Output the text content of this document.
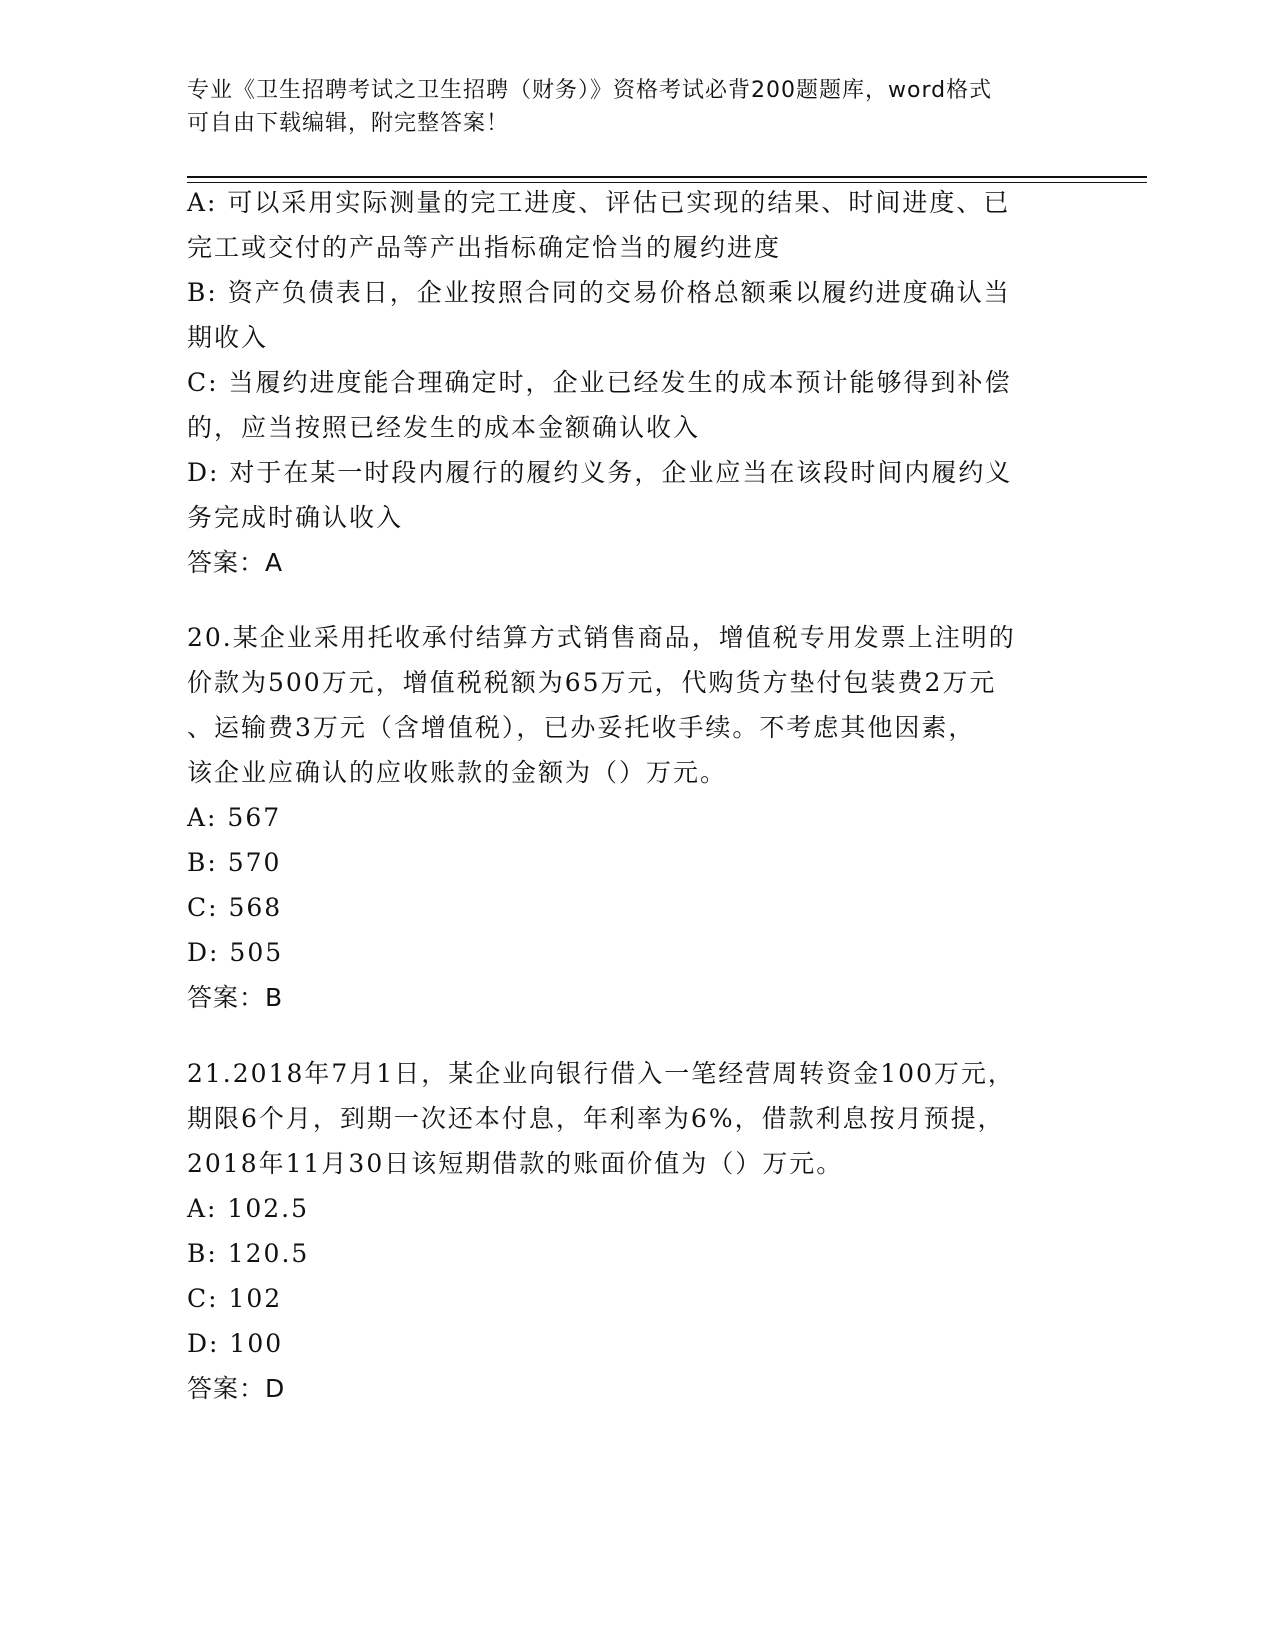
专业《卫生招聘考试之卫生招聘（财务）》资格考试必背200题题库，word格式
可自由下载编辑，附完整答案！
A: 可以采用实际测量的完工进度、评估已实现的结果、时间进度、已
完工或交付的产品等产出指标确定恰当的履约进度
B: 资产负债表日，企业按照合同的交易价格总额乘以履约进度确认当
期收入
C: 当履约进度能合理确定时，企业已经发生的成本预计能够得到补偿
的，应当按照已经发生的成本金额确认收入
D: 对于在某一时段内履行的履约义务，企业应当在该段时间内履约义
务完成时确认收入
答案：A
20.某企业采用托收承付结算方式销售商品，增值税专用发票上注明的
价款为500万元，增值税税额为65万元，代购货方垫付包装费2万元
、运输费3万元（含增值税），已办妥托收手续。不考虑其他因素，
该企业应确认的应收账款的金额为（）万元。
A: 567
B: 570
C: 568
D: 505
答案：B
21.2018年7月1日，某企业向银行借入一笔经营周转资金100万元，
期限6个月，到期一次还本付息，年利率为6%，借款利息按月预提，
2018年11月30日该短期借款的账面价值为（）万元。
A: 102.5
B: 120.5
C: 102
D: 100
答案：D
